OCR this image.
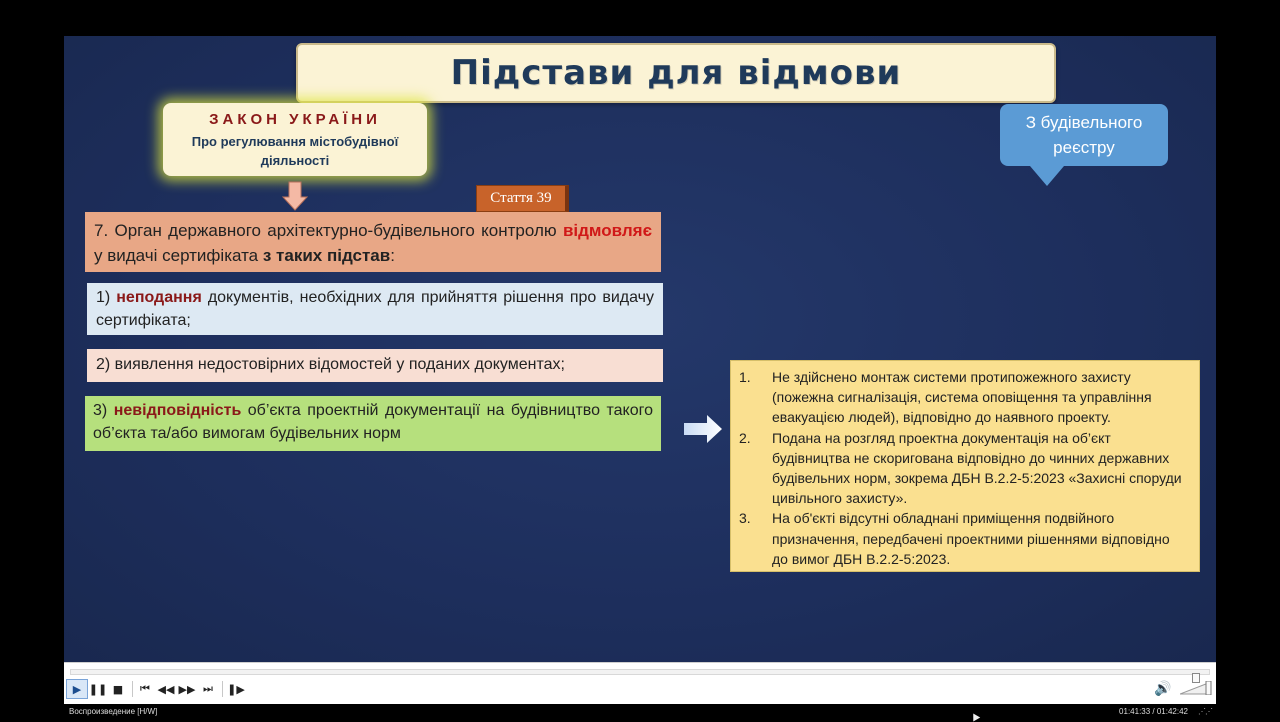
Підстави для відмови
ЗАКОН УКРАЇНИ
Про регулювання містобудівної діяльності
Стаття 39
З будівельного реєстру
7. Орган державного архітектурно-будівельного контролю відмовляє у видачі сертифіката з таких підстав:
1) неподання документів, необхідних для прийняття рішення про видачу сертифіката;
2) виявлення недостовірних відомостей у поданих документах;
3) невідповідність об’єкта проектній документації на будівництво такого об’єкта та/або вимогам будівельних норм
1.	Не здійснено монтаж системи протипожежного захисту (пожежна сигналізація, система оповіщення та управління евакуацією людей), відповідно до наявного проекту.
2.	Подана на розгляд проектна документація на об’єкт будівництва не скоригована відповідно до чинних державних будівельних норм, зокрема ДБН В.2.2-5:2023 «Захисні споруди цивільного захисту».
3.	На об'єкті відсутні обладнані приміщення подвійного призначення, передбачені проектними рішеннями відповідно до вимог ДБН В.2.2-5:2023.
▶ ❚❚ ■	⏮ ◀◀ ▶▶ ⏭	❚▶	🔊
Воспроизведение [H/W]	01:41:33 / 01:42:42 ⋰⋰
